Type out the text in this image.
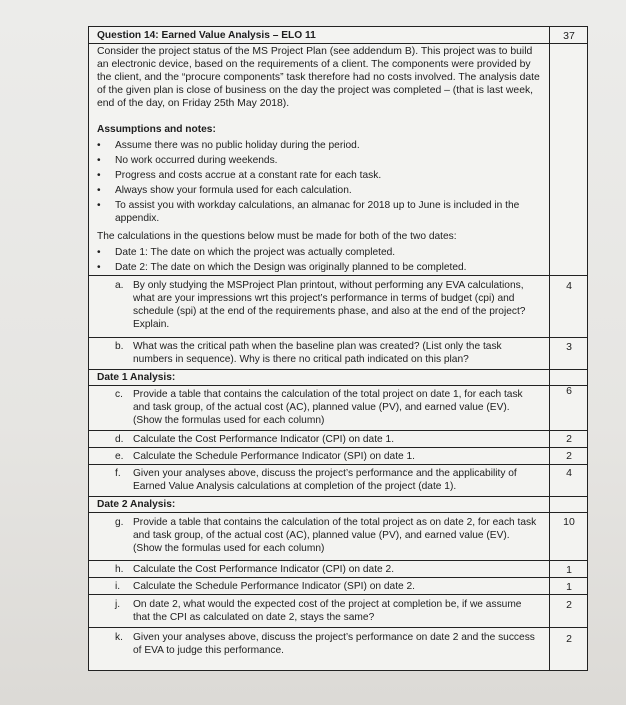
Question 14: Earned Value Analysis – ELO 11	37
Consider the project status of the MS Project Plan (see addendum B). This project was to build an electronic device, based on the requirements of a client. The components were provided by the client, and the “procure components” task therefore had no costs involved. The analysis date of the given plan is close of business on the day the project was completed – (that is last week, end of the day, on Friday 25th May 2018).
Assumptions and notes:
• Assume there was no public holiday during the period.
• No work occurred during weekends.
• Progress and costs accrue at a constant rate for each task.
• Always show your formula used for each calculation.
• To assist you with workday calculations, an almanac for 2018 up to June is included in the appendix.
The calculations in the questions below must be made for both of the two dates:
• Date 1: The date on which the project was actually completed.
• Date 2: The date on which the Design was originally planned to be completed.
a. By only studying the MSProject Plan printout, without performing any EVA calculations, what are your impressions wrt this project’s performance in terms of budget (cpi) and schedule (spi) at the end of the requirements phase, and also at the end of the project? Explain.
4
b. What was the critical path when the baseline plan was created? (List only the task numbers in sequence). Why is there no critical path indicated on this plan?
3
Date 1 Analysis:
c. Provide a table that contains the calculation of the total project on date 1, for each task and task group, of the actual cost (AC), planned value (PV), and earned value (EV). (Show the formulas used for each column)
6
d. Calculate the Cost Performance Indicator (CPI) on date 1.	2
e. Calculate the Schedule Performance Indicator (SPI) on date 1.	2
f. Given your analyses above, discuss the project’s performance and the applicability of Earned Value Analysis calculations at completion of the project (date 1).
4
Date 2 Analysis:
g. Provide a table that contains the calculation of the total project as on date 2, for each task and task group, of the actual cost (AC), planned value (PV), and earned value (EV). (Show the formulas used for each column)
10
h. Calculate the Cost Performance Indicator (CPI) on date 2.	1
i. Calculate the Schedule Performance Indicator (SPI) on date 2.	1
j. On date 2, what would the expected cost of the project at completion be, if we assume that the CPI as calculated on date 2, stays the same?
2
k. Given your analyses above, discuss the project’s performance on date 2 and the success of EVA to judge this performance.
2
